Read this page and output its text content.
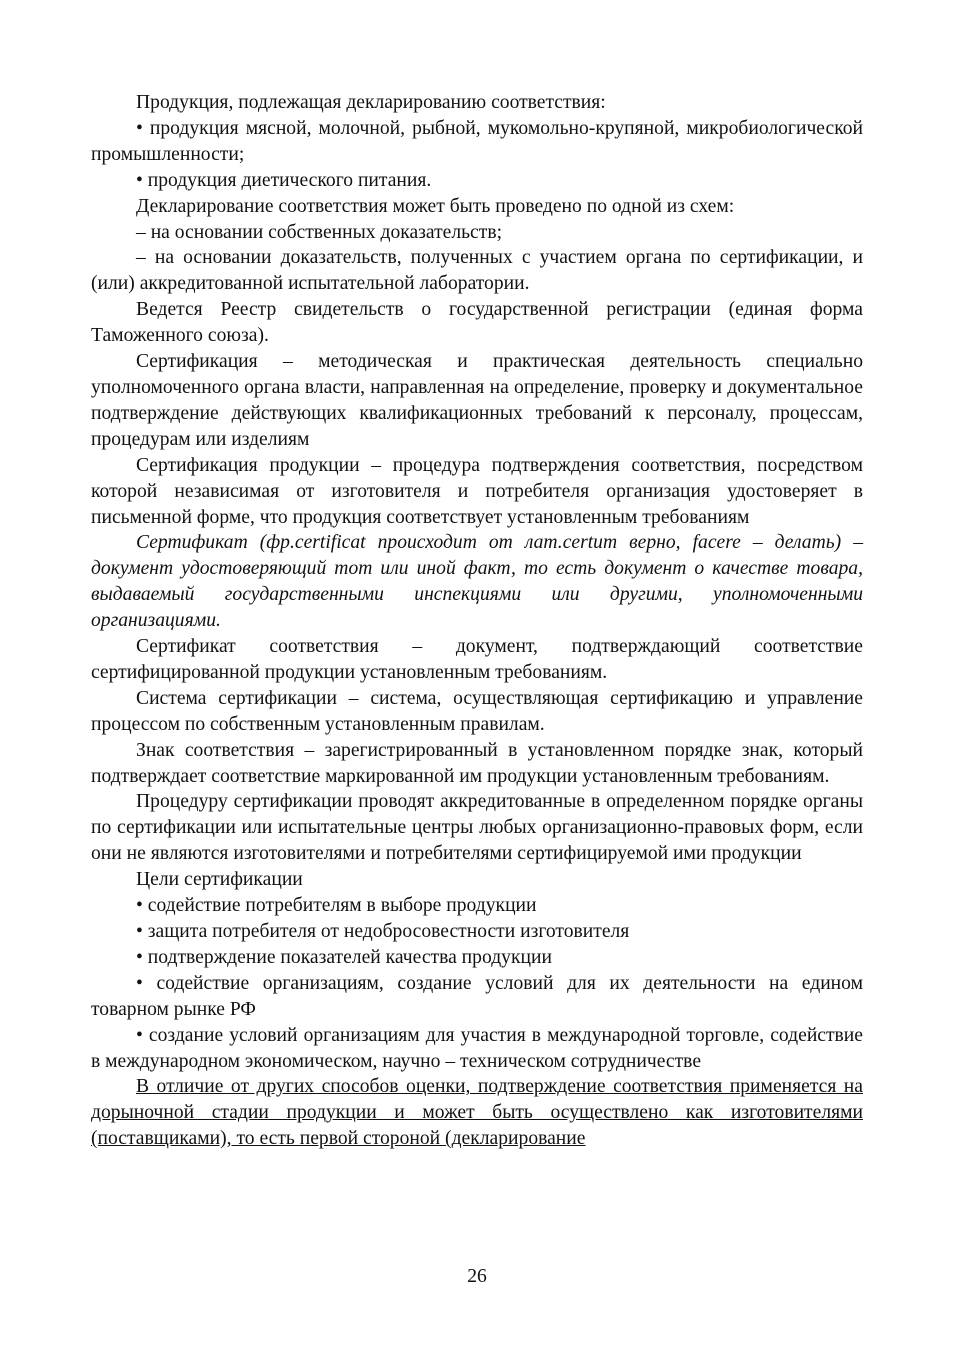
Продукция, подлежащая декларированию соответствия:

• продукция мясной, молочной, рыбной, мукомольно-крупяной, микробиологической промышленности;

• продукция диетического питания.

Декларирование соответствия может быть проведено по одной из схем:

– на основании собственных доказательств;

– на основании доказательств, полученных с участием органа по сертификации, и (или) аккредитованной испытательной лаборатории.

Ведется Реестр свидетельств о государственной регистрации (единая форма Таможенного союза).

Сертификация – методическая и практическая деятельность специально уполномоченного органа власти, направленная на определение, проверку и документальное подтверждение действующих квалификационных требований к персоналу, процессам, процедурам или изделиям

Сертификация продукции – процедура подтверждения соответствия, посредством которой независимая от изготовителя и потребителя организация удостоверяет в письменной форме, что продукция соответствует установленным требованиям

Сертификат (фр.certificat происходит от лат.certum верно, facere – делать) – документ удостоверяющий тот или иной факт, то есть документ о качестве товара, выдаваемый государственными инспекциями или другими, уполномоченными организациями.

Сертификат соответствия – документ, подтверждающий соответствие сертифицированной продукции установленным требованиям.

Система сертификации – система, осуществляющая сертификацию и управление процессом по собственным установленным правилам.

Знак соответствия – зарегистрированный в установленном порядке знак, который подтверждает соответствие маркированной им продукции установленным требованиям.

Процедуру сертификации проводят аккредитованные в определенном порядке органы по сертификации или испытательные центры любых организационно-правовых форм, если они не являются изготовителями и потребителями сертифицируемой ими продукции

Цели сертификации

• содействие потребителям в выборе продукции

• защита потребителя от недобросовестности изготовителя

• подтверждение показателей качества продукции

• содействие организациям, создание условий для их деятельности на едином товарном рынке РФ

• создание условий организациям для участия в международной торговле, содействие в международном экономическом, научно – техническом сотрудничестве

В отличие от других способов оценки, подтверждение соответствия применяется на дорыночной стадии продукции и может быть осуществлено как изготовителями (поставщиками), то есть первой стороной (декларирование

26
